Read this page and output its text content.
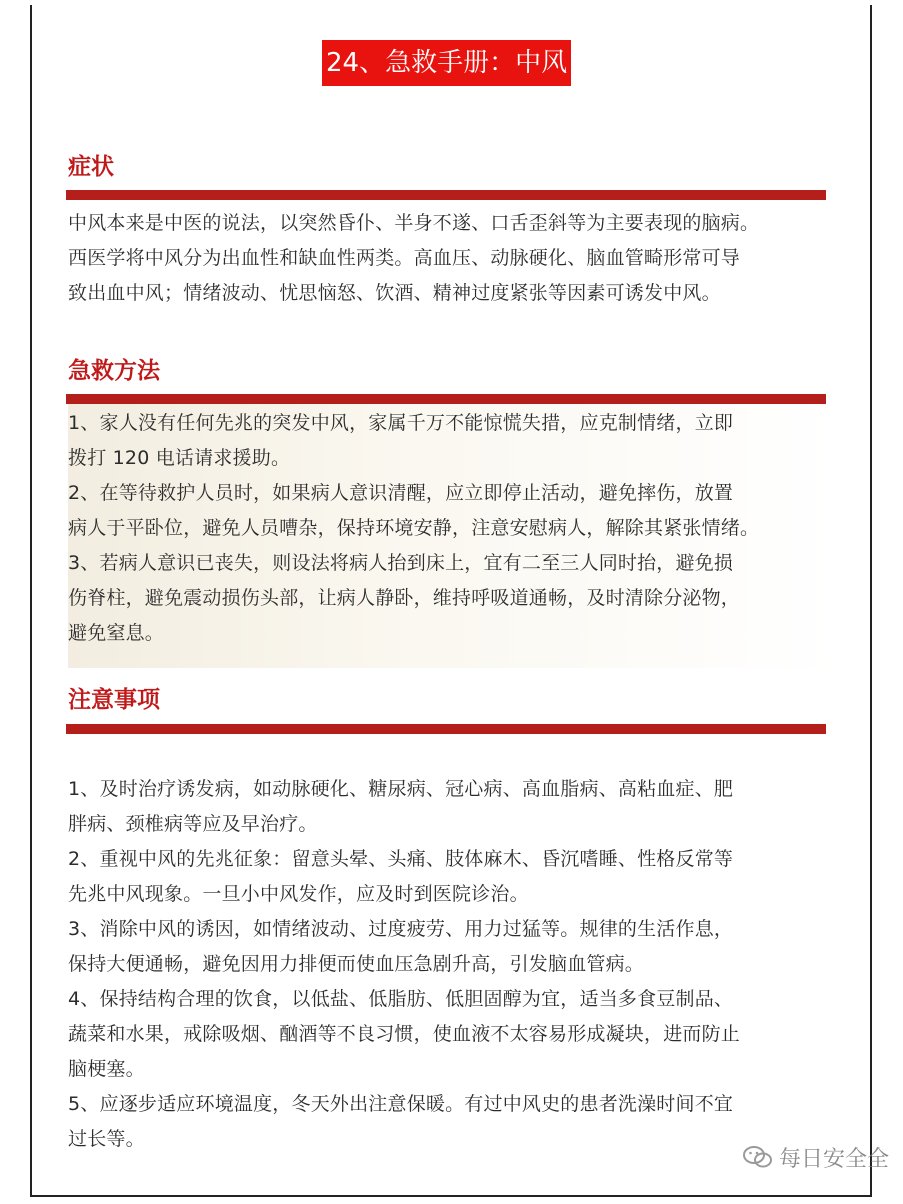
24、急救手册：中风
症状

中风本来是中医的说法，以突然昏仆、半身不遂、口舌歪斜等为主要表现的脑病。

西医学将中风分为出血性和缺血性两类。高血压、动脉硬化、脑血管畸形常可导

致出血中风；情绪波动、忧思恼怒、饮酒、精神过度紧张等因素可诱发中风。

急救方法

1、家人没有任何先兆的突发中风，家属千万不能惊慌失措，应克制情绪，立即

拨打 120 电话请求援助。

2、在等待救护人员时，如果病人意识清醒，应立即停止活动，避免摔伤，放置

病人于平卧位，避免人员嘈杂，保持环境安静，注意安慰病人，解除其紧张情绪。

3、若病人意识已丧失，则设法将病人抬到床上，宜有二至三人同时抬，避免损

伤脊柱，避免震动损伤头部，让病人静卧，维持呼吸道通畅，及时清除分泌物，

避免窒息。

注意事项

1、及时治疗诱发病，如动脉硬化、糖尿病、冠心病、高血脂病、高粘血症、肥

胖病、颈椎病等应及早治疗。

2、重视中风的先兆征象：留意头晕、头痛、肢体麻木、昏沉嗜睡、性格反常等

先兆中风现象。一旦小中风发作，应及时到医院诊治。

3、消除中风的诱因，如情绪波动、过度疲劳、用力过猛等。规律的生活作息，

保持大便通畅，避免因用力排便而使血压急剧升高，引发脑血管病。

4、保持结构合理的饮食，以低盐、低脂肪、低胆固醇为宜，适当多食豆制品、

蔬菜和水果，戒除吸烟、酗酒等不良习惯，使血液不太容易形成凝块，进而防止

脑梗塞。

5、应逐步适应环境温度，冬天外出注意保暖。有过中风史的患者洗澡时间不宜

过长等。

每日安全全
